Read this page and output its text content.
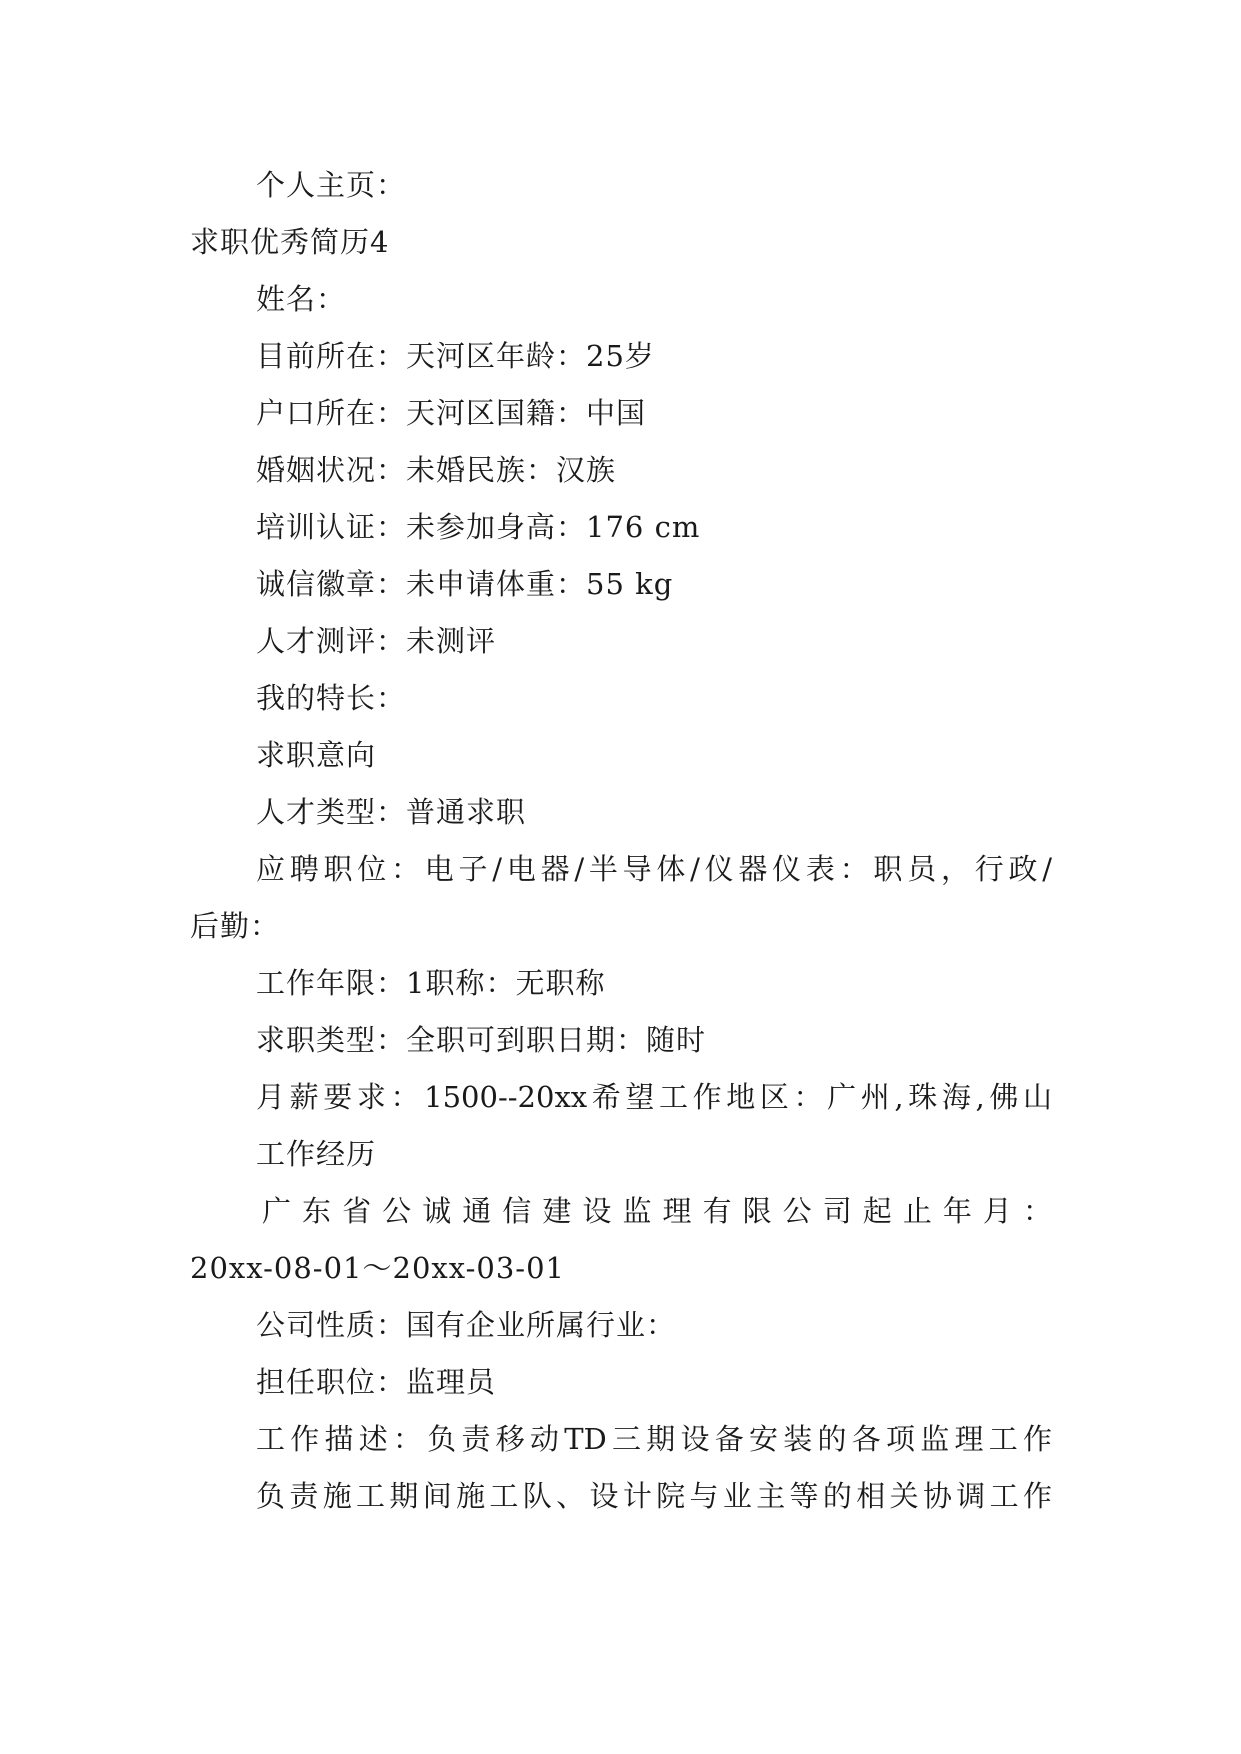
个人主页：
求职优秀简历4
姓名：
目前所在：天河区年龄：25岁
户口所在：天河区国籍：中国
婚姻状况：未婚民族：汉族
培训认证：未参加身高：176 cm
诚信徽章：未申请体重：55 kg
人才测评：未测评
我的特长：
求职意向
人才类型：普通求职
应聘职位：电子/电器/半导体/仪器仪表：职员，行政/
后勤：
工作年限：1职称：无职称
求职类型：全职可到职日期：随时
月薪要求：1500--20xx希望工作地区：广州,珠海,佛山
工作经历
广东省公诚通信建设监理有限公司起止年月：
20xx-08-01～20xx-03-01
公司性质：国有企业所属行业：
担任职位：监理员
工作描述：负责移动TD三期设备安装的各项监理工作
负责施工期间施工队、设计院与业主等的相关协调工作
